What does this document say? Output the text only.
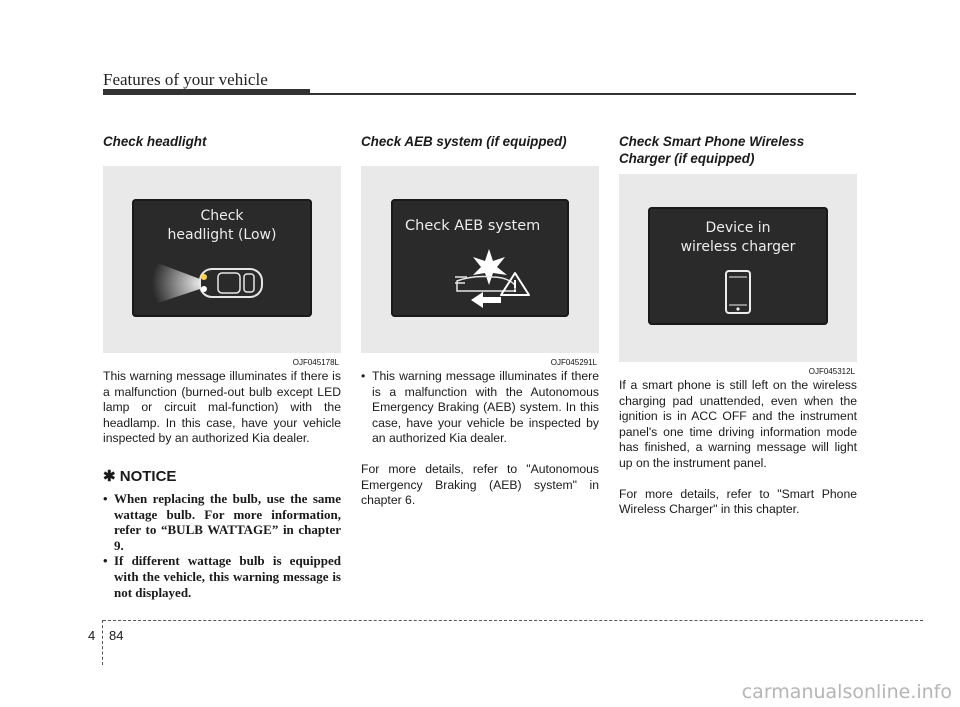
Features of your vehicle
Check headlight
Check
headlight (Low)
OJF045178L

This warning message illuminates if there is a malfunction (burned-out bulb except LED lamp or circuit mal-function) with the headlamp. In this case, have your vehicle inspected by an authorized Kia dealer.

✱ NOTICE
• When replacing the bulb, use the same wattage bulb. For more information, refer to “BULB WATTAGE” in chapter 9.
• If different wattage bulb is equipped with the vehicle, this warning message is not displayed.
Check AEB system (if equipped)
Check AEB system
OJF045291L
• This warning message illuminates if there is a malfunction with the Autonomous Emergency Braking (AEB) system. In this case, have your vehicle be inspected by an authorized Kia dealer.

For more details, refer to "Autonomous Emergency Braking (AEB) system" in chapter 6.

Check Smart Phone Wireless Charger (if equipped)
Device in
wireless charger
OJF045312L

If a smart phone is still left on the wireless charging pad unattended, even when the ignition is in ACC OFF and the instrument panel's one time driving information mode has finished, a warning message will light up on the instrument panel.

For more details, refer to "Smart Phone Wireless Charger" in this chapter.

4 84
carmanualsonline.info
